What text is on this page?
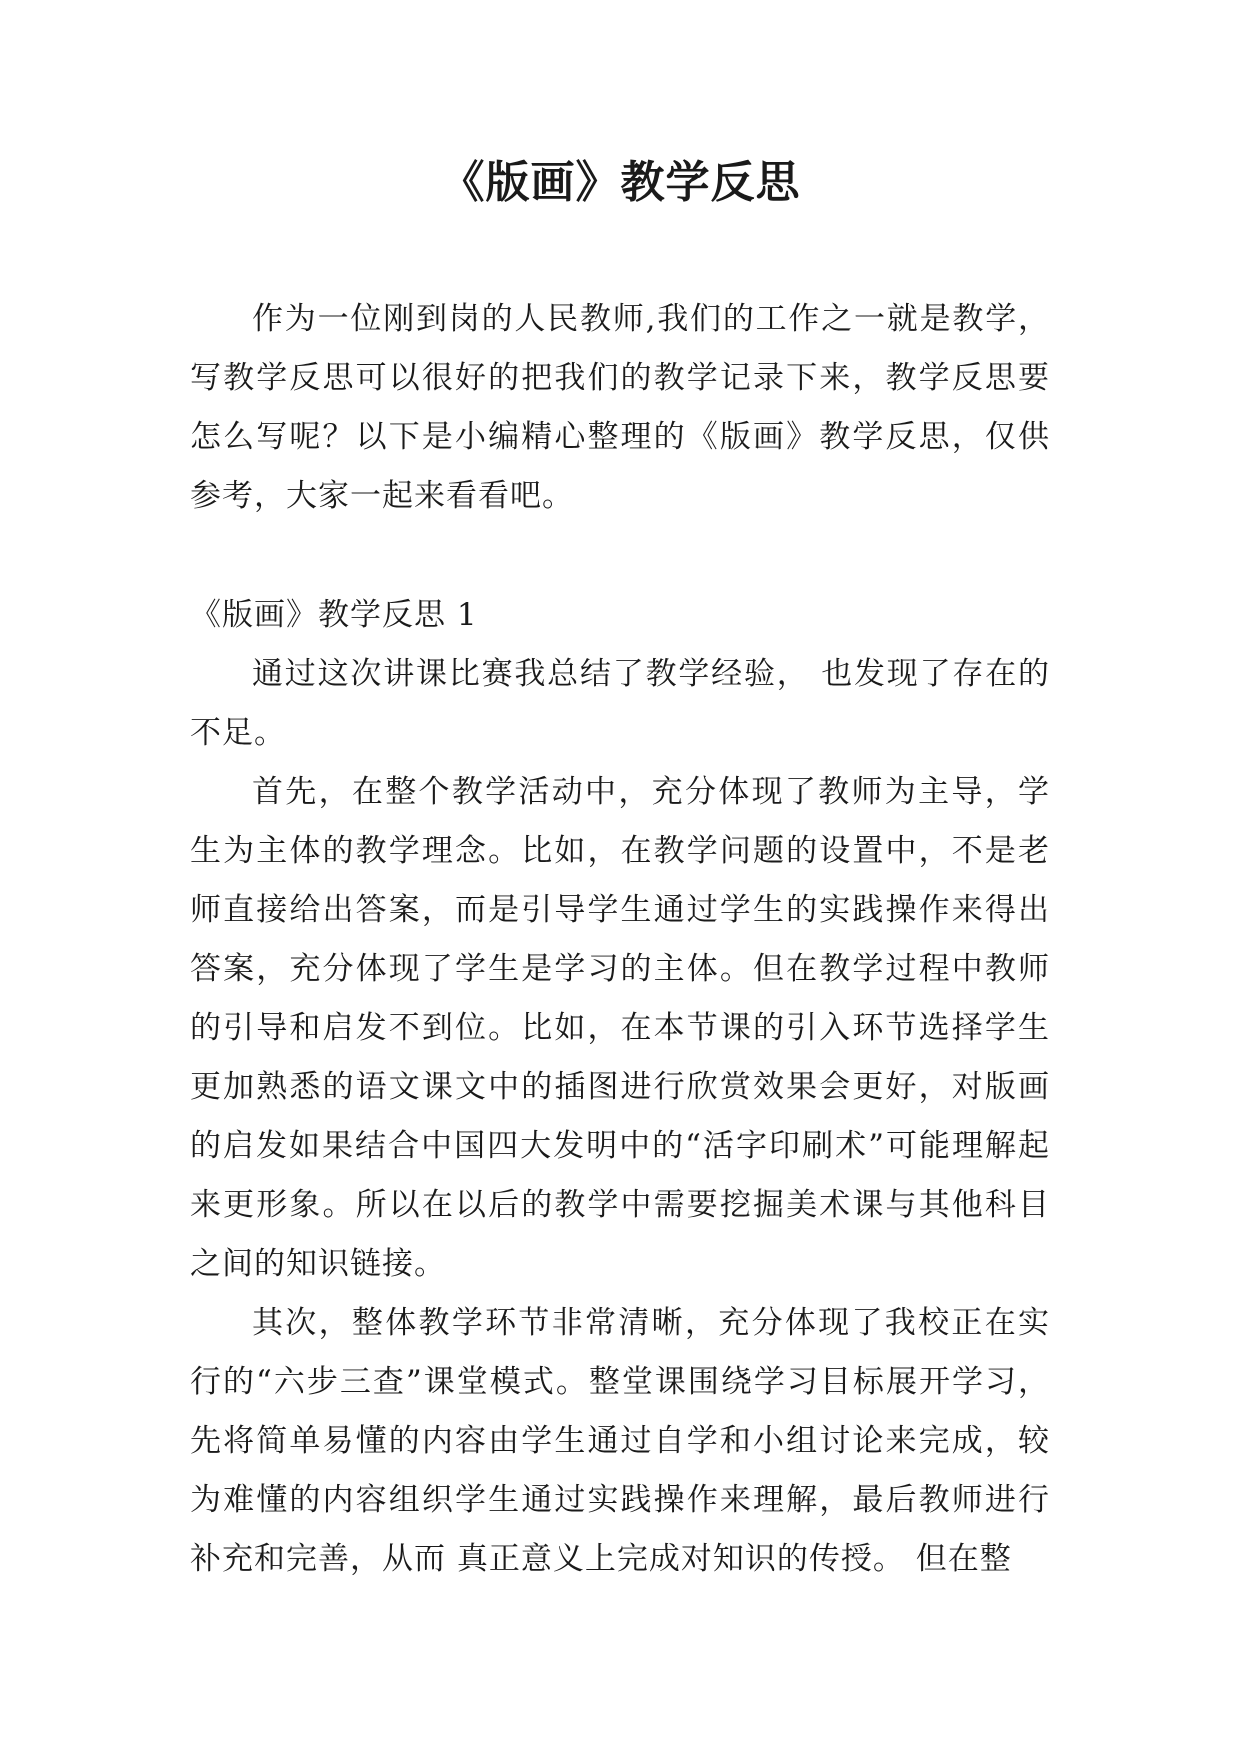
《版画》教学反思

作为一位刚到岗的人民教师,我们的工作之一就是教学，写教学反思可以很好的把我们的教学记录下来，教学反思要怎么写呢？以下是小编精心整理的《版画》教学反思，仅供参考，大家一起来看看吧。

《版画》教学反思 1

通过这次讲课比赛我总结了教学经验， 也发现了存在的不足。

首先，在整个教学活动中，充分体现了教师为主导，学生为主体的教学理念。比如，在教学问题的设置中，不是老师直接给出答案，而是引导学生通过学生的实践操作来得出答案，充分体现了学生是学习的主体。但在教学过程中教师的引导和启发不到位。比如，在本节课的引入环节选择学生更加熟悉的语文课文中的插图进行欣赏效果会更好，对版画的启发如果结合中国四大发明中的“活字印刷术”可能理解起来更形象。所以在以后的教学中需要挖掘美术课与其他科目之间的知识链接。

其次，整体教学环节非常清晰，充分体现了我校正在实行的“六步三查”课堂模式。整堂课围绕学习目标展开学习，先将简单易懂的内容由学生通过自学和小组讨论来完成，较为难懂的内容组织学生通过实践操作来理解，最后教师进行补充和完善，从而 真正意义上完成对知识的传授。 但在整
